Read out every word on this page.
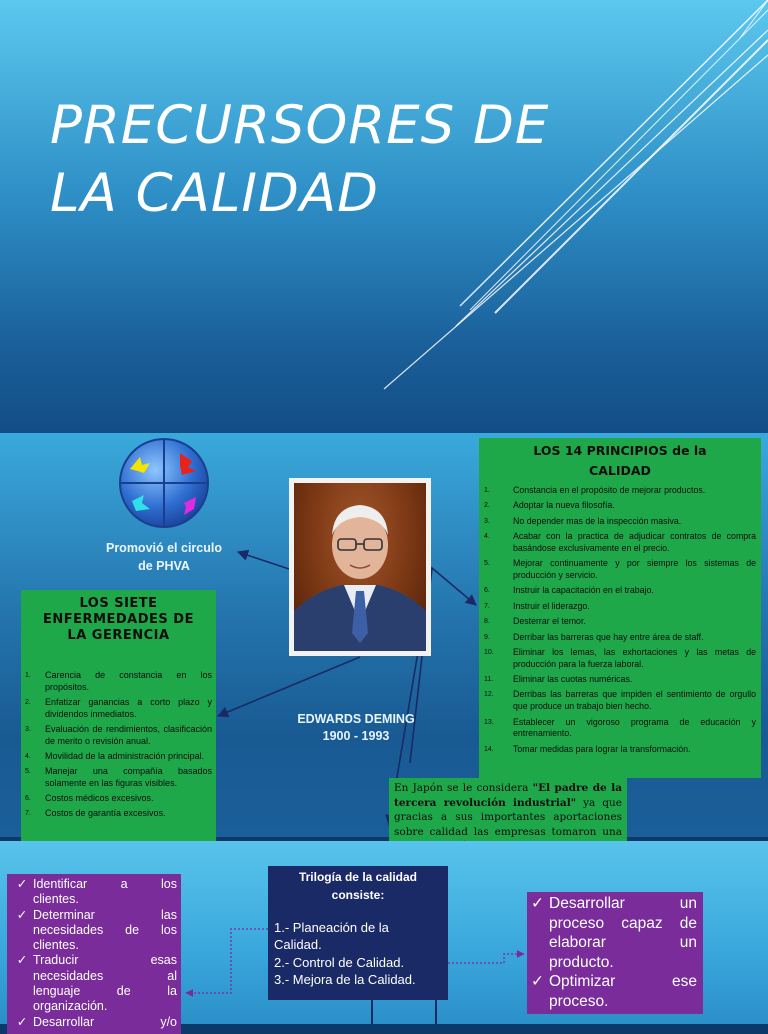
PRECURSORES DE
LA CALIDAD
Promovió el circulo
de PHVA
EDWARDS DEMING
1900 - 1993
LOS SIETE
ENFERMEDADES DE
LA GERENCIA
1.	Carencia de constancia en los propósitos.
2.	Enfatizar ganancias a corto plazo y dividendos inmediatos.
3.	Evaluación de rendimientos, clasificación de merito o revisión anual.
4.	Movilidad de la administración principal.
5.	Manejar una compañía basados solamente en las figuras visibles.
6.	Costos médicos excesivos.
7.	Costos de garantía excesivos.
LOS 14 PRINCIPIOS de la
CALIDAD
1.	Constancia en el propósito de mejorar productos.
2.	Adoptar la nueva filosofía.
3.	No depender mas de la inspección masiva.
4.	Acabar con la practica de adjudicar contratos de compra basándose exclusivamente en el precio.
5.	Mejorar continuamente y por siempre los sistemas de producción y servicio.
6.	Instruir la capacitación en el trabajo.
7.	Instruir el liderazgo.
8.	Desterrar el temor.
9.	Derribar las barreras que hay entre área de staff.
10.	Eliminar los lemas, las exhortaciones y las metas de producción para la fuerza laboral.
11.	Eliminar las cuotas numéricas.
12.	Derribas las barreras que impiden el sentimiento de orgullo que produce un trabajo bien hecho.
13.	Establecer un vigoroso programa de educación y entrenamiento.
14.	Tomar medidas para lograr la transformación.
En Japón se le considera "El padre de la tercera revolución industrial" ya que gracias a sus importantes aportaciones sobre calidad las empresas tomaron una
✓ Identificar a los
clientes.
✓ Determinar las
necesidades de los
clientes.
✓ Traducir esas
necesidades al
lenguaje de la
organización.
✓ Desarrollar y/o
Trilogía de la calidad
consiste:
1.- Planeación de la
Calidad.
2.- Control de Calidad.
3.- Mejora de la Calidad.
✓ Desarrollar un
proceso capaz de
elaborar un
producto.
✓ Optimizar ese
proceso.
